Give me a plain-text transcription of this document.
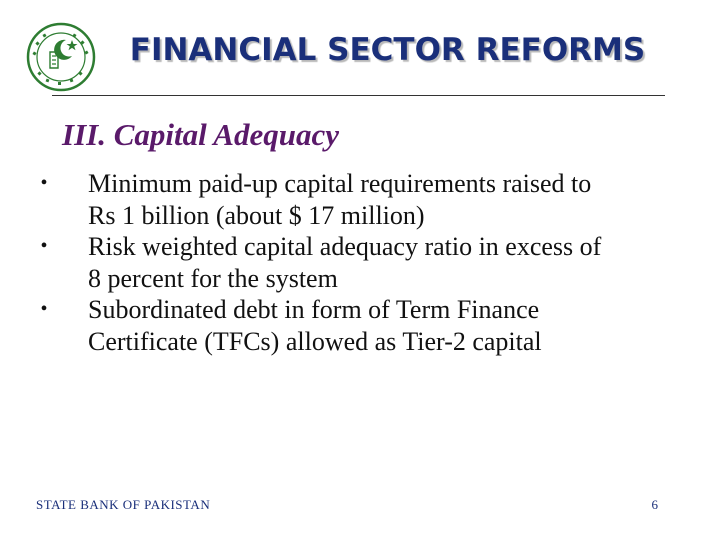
FINANCIAL SECTOR REFORMS
III. Capital Adequacy
• Minimum paid-up capital requirements raised to
Rs 1 billion (about $ 17 million)
• Risk weighted capital adequacy ratio in excess of
8 percent for the system
• Subordinated debt in form of Term Finance
Certificate (TFCs) allowed as Tier-2 capital
STATE BANK OF PAKISTAN	6
